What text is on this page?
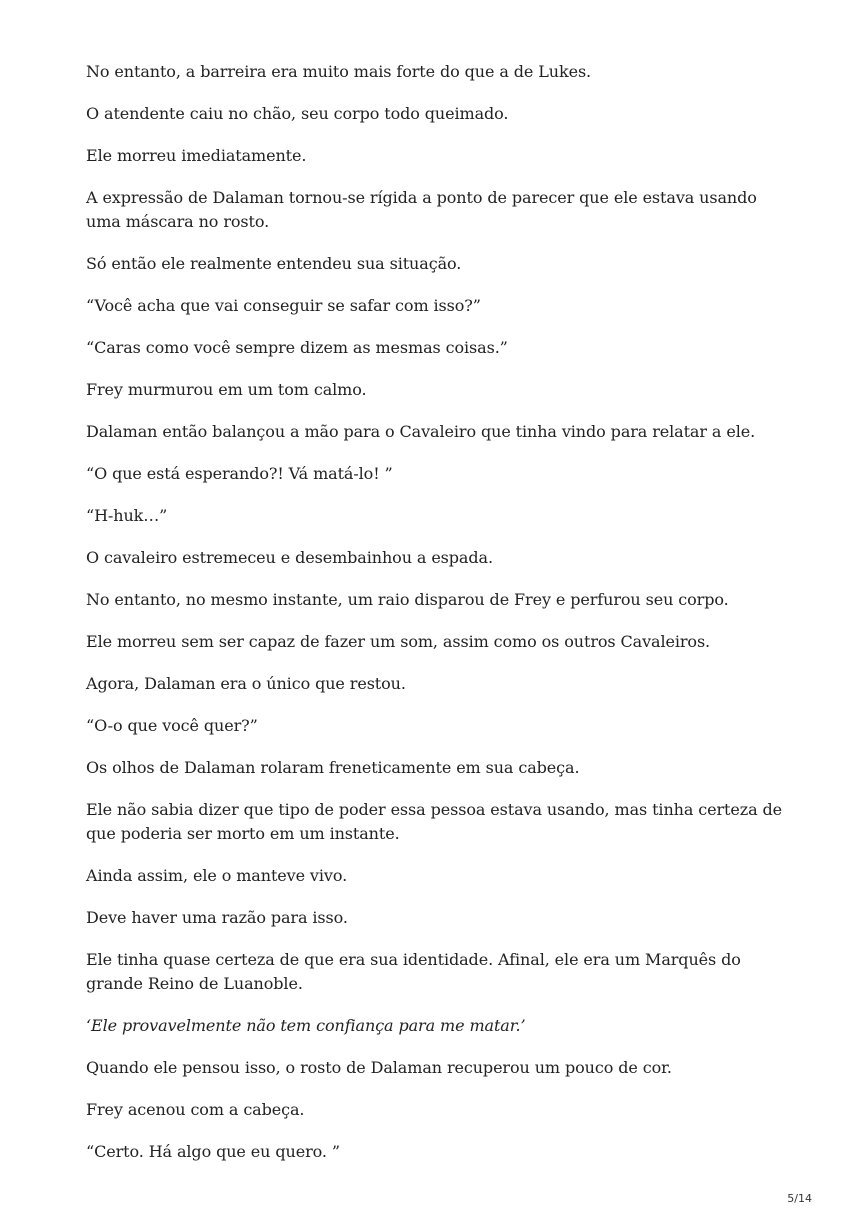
No entanto, a barreira era muito mais forte do que a de Lukes.

O atendente caiu no chão, seu corpo todo queimado.

Ele morreu imediatamente.

A expressão de Dalaman tornou-se rígida a ponto de parecer que ele estava usando uma máscara no rosto.

Só então ele realmente entendeu sua situação.

“Você acha que vai conseguir se safar com isso?”

“Caras como você sempre dizem as mesmas coisas.”

Frey murmurou em um tom calmo.

Dalaman então balançou a mão para o Cavaleiro que tinha vindo para relatar a ele.

“O que está esperando?! Vá matá-lo! ”

“H-huk…”

O cavaleiro estremeceu e desembainhou a espada.

No entanto, no mesmo instante, um raio disparou de Frey e perfurou seu corpo.

Ele morreu sem ser capaz de fazer um som, assim como os outros Cavaleiros.

Agora, Dalaman era o único que restou.

“O-o que você quer?”

Os olhos de Dalaman rolaram freneticamente em sua cabeça.

Ele não sabia dizer que tipo de poder essa pessoa estava usando, mas tinha certeza de que poderia ser morto em um instante.

Ainda assim, ele o manteve vivo.

Deve haver uma razão para isso.

Ele tinha quase certeza de que era sua identidade. Afinal, ele era um Marquês do grande Reino de Luanoble.

‘Ele provavelmente não tem confiança para me matar.’

Quando ele pensou isso, o rosto de Dalaman recuperou um pouco de cor.

Frey acenou com a cabeça.

“Certo. Há algo que eu quero. ”

5/14
